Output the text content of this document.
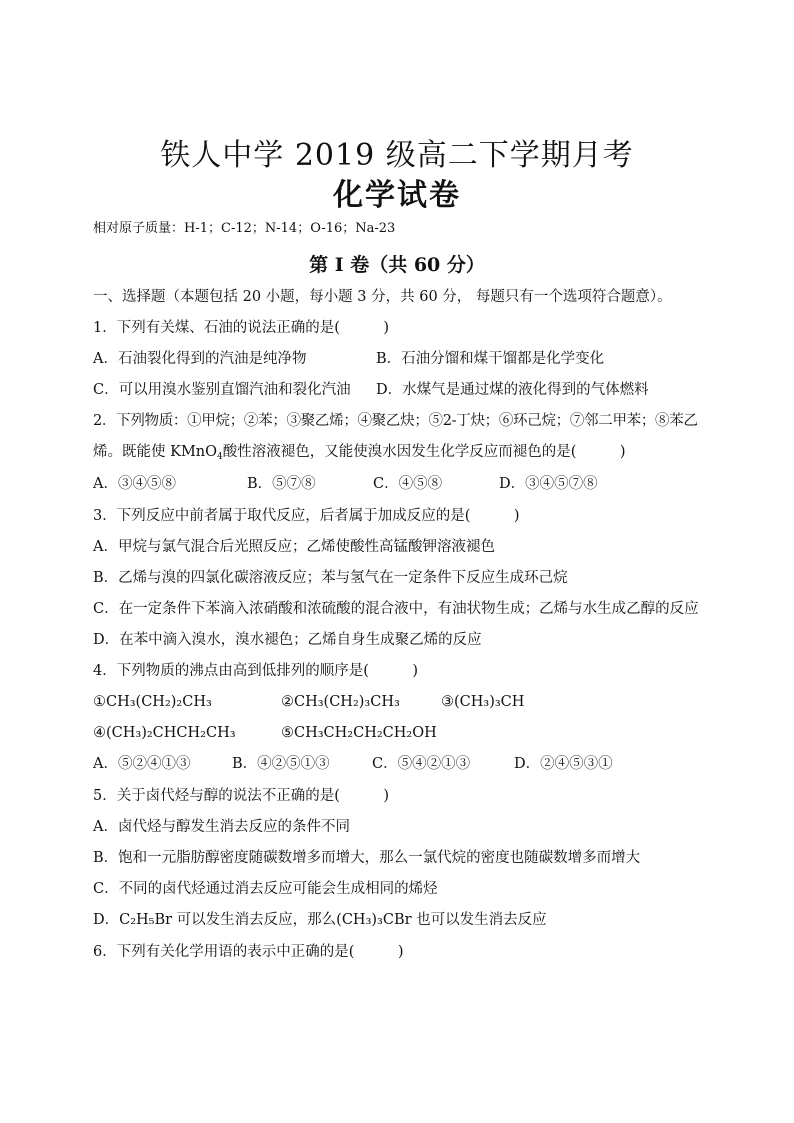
铁人中学 2019 级高二下学期月考
化学试卷
相对原子质量：H-1；C-12；N-14；O-16；Na-23
第 I 卷（共 60 分）
一、选择题（本题包括 20 小题，每小题 3 分，共 60 分， 每题只有一个选项符合题意）。
1．下列有关煤、石油的说法正确的是(　　　)
A．石油裂化得到的汽油是纯净物	B．石油分馏和煤干馏都是化学变化
C．可以用溴水鉴别直馏汽油和裂化汽油 D．水煤气是通过煤的液化得到的气体燃料
2．下列物质：①甲烷；②苯；③聚乙烯；④聚乙炔；⑤2-丁炔；⑥环己烷；⑦邻二甲苯；⑧苯乙
烯。既能使 KMnO$_4$酸性溶液褪色，又能使溴水因发生化学反应而褪色的是(　　　)
A．③④⑤⑧	B．⑤⑦⑧	C．④⑤⑧	D．③④⑤⑦⑧
3．下列反应中前者属于取代反应，后者属于加成反应的是(　　　)
A．甲烷与氯气混合后光照反应；乙烯使酸性高锰酸钾溶液褪色
B．乙烯与溴的四氯化碳溶液反应；苯与氢气在一定条件下反应生成环己烷
C．在一定条件下苯滴入浓硝酸和浓硫酸的混合液中，有油状物生成；乙烯与水生成乙醇的反应
D．在苯中滴入溴水，溴水褪色；乙烯自身生成聚乙烯的反应
4．下列物质的沸点由高到低排列的顺序是(　　　)
①CH₃(CH₂)₂CH₃	②CH₃(CH₂)₃CH₃	③(CH₃)₃CH
④(CH₃)₂CHCH₂CH₃	⑤CH₃CH₂CH₂CH₂OH
A．⑤②④①③	B．④②⑤①③	C．⑤④②①③	D．②④⑤③①
5．关于卤代烃与醇的说法不正确的是(　　　)
A．卤代烃与醇发生消去反应的条件不同
B．饱和一元脂肪醇密度随碳数增多而增大，那么一氯代烷的密度也随碳数增多而增大
C．不同的卤代烃通过消去反应可能会生成相同的烯烃
D．C₂H₅Br 可以发生消去反应，那么(CH₃)₃CBr 也可以发生消去反应
6．下列有关化学用语的表示中正确的是(　　　)
